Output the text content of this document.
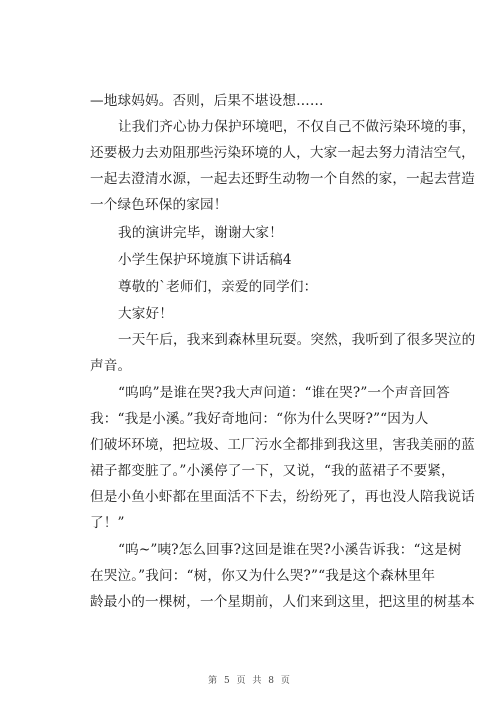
—地球妈妈。否则，后果不堪设想……
让我们齐心协力保护环境吧，不仅自己不做污染环境的事，
还要极力去劝阻那些污染环境的人，大家一起去努力清洁空气，
一起去澄清水源，一起去还野生动物一个自然的家，一起去营造
一个绿色环保的家园！
我的演讲完毕，谢谢大家！
小学生保护环境旗下讲话稿4
尊敬的`老师们，亲爱的同学们：
大家好！
一天午后，我来到森林里玩耍。突然，我听到了很多哭泣的
声音。
“呜呜”是谁在哭?我大声问道：“谁在哭?”一个声音回答
我：“我是小溪。”我好奇地问：“你为什么哭呀?”“因为人
们破坏环境，把垃圾、工厂污水全都排到我这里，害我美丽的蓝
裙子都变脏了。”小溪停了一下，又说，“我的蓝裙子不要紧，
但是小鱼小虾都在里面活不下去，纷纷死了，再也没人陪我说话
了！”
“呜~”咦?怎么回事?这回是谁在哭?小溪告诉我：“这是树
在哭泣。”我问：“树，你又为什么哭?”“我是这个森林里年
龄最小的一棵树，一个星期前，人们来到这里，把这里的树基本
第 5 页 共 8 页
